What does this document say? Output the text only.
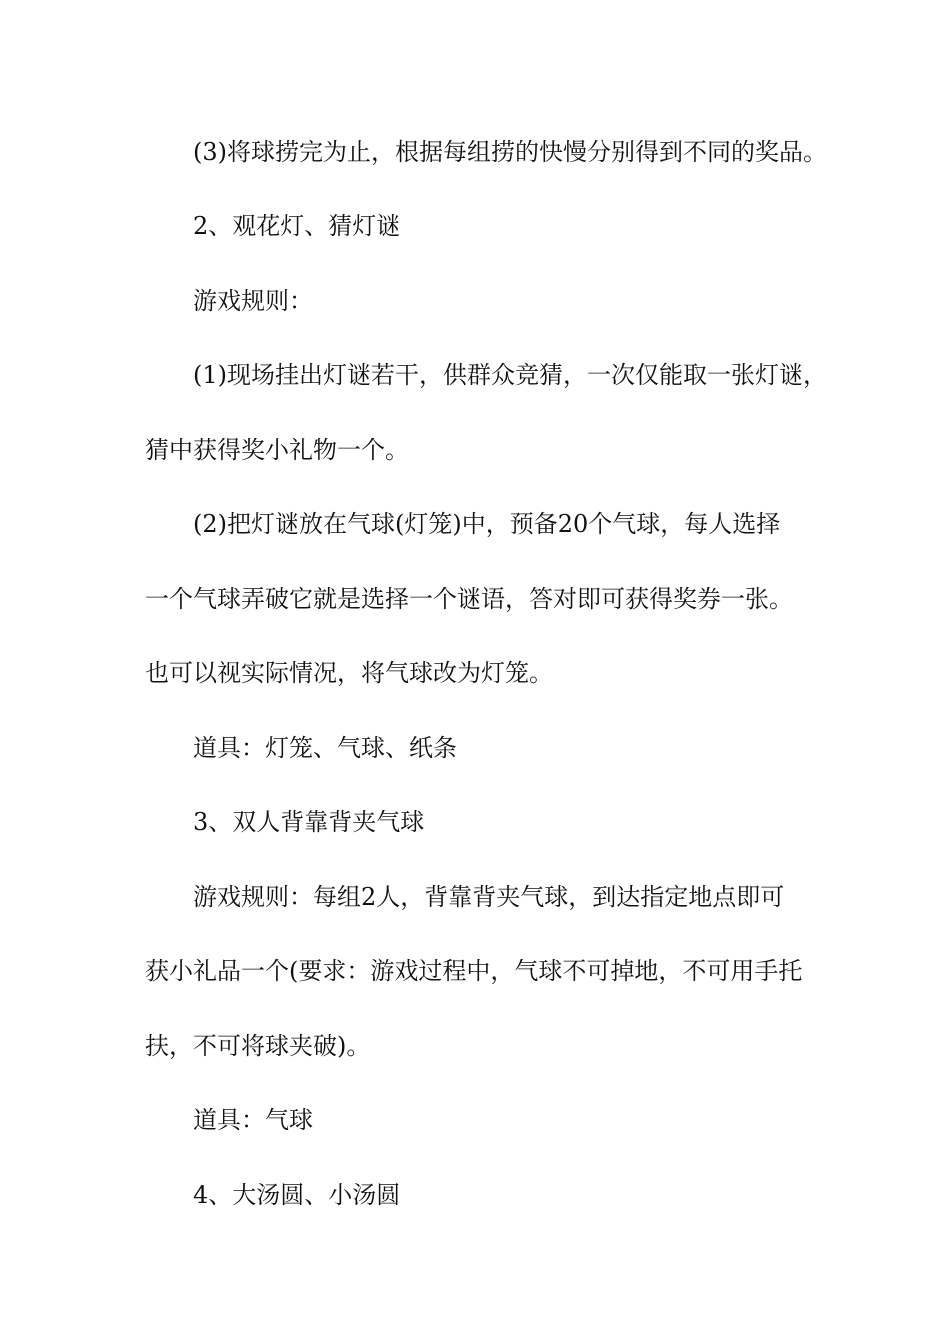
(3)将球捞完为止，根据每组捞的快慢分别得到不同的奖品。
2、观花灯、猜灯谜
游戏规则：
(1)现场挂出灯谜若干，供群众竞猜，一次仅能取一张灯谜，
猜中获得奖小礼物一个。
(2)把灯谜放在气球(灯笼)中，预备20个气球，每人选择
一个气球弄破它就是选择一个谜语，答对即可获得奖券一张。
也可以视实际情况，将气球改为灯笼。
道具：灯笼、气球、纸条
3、双人背靠背夹气球
游戏规则：每组2人，背靠背夹气球，到达指定地点即可
获小礼品一个(要求：游戏过程中，气球不可掉地，不可用手托
扶，不可将球夹破)。
道具：气球
4、大汤圆、小汤圆
